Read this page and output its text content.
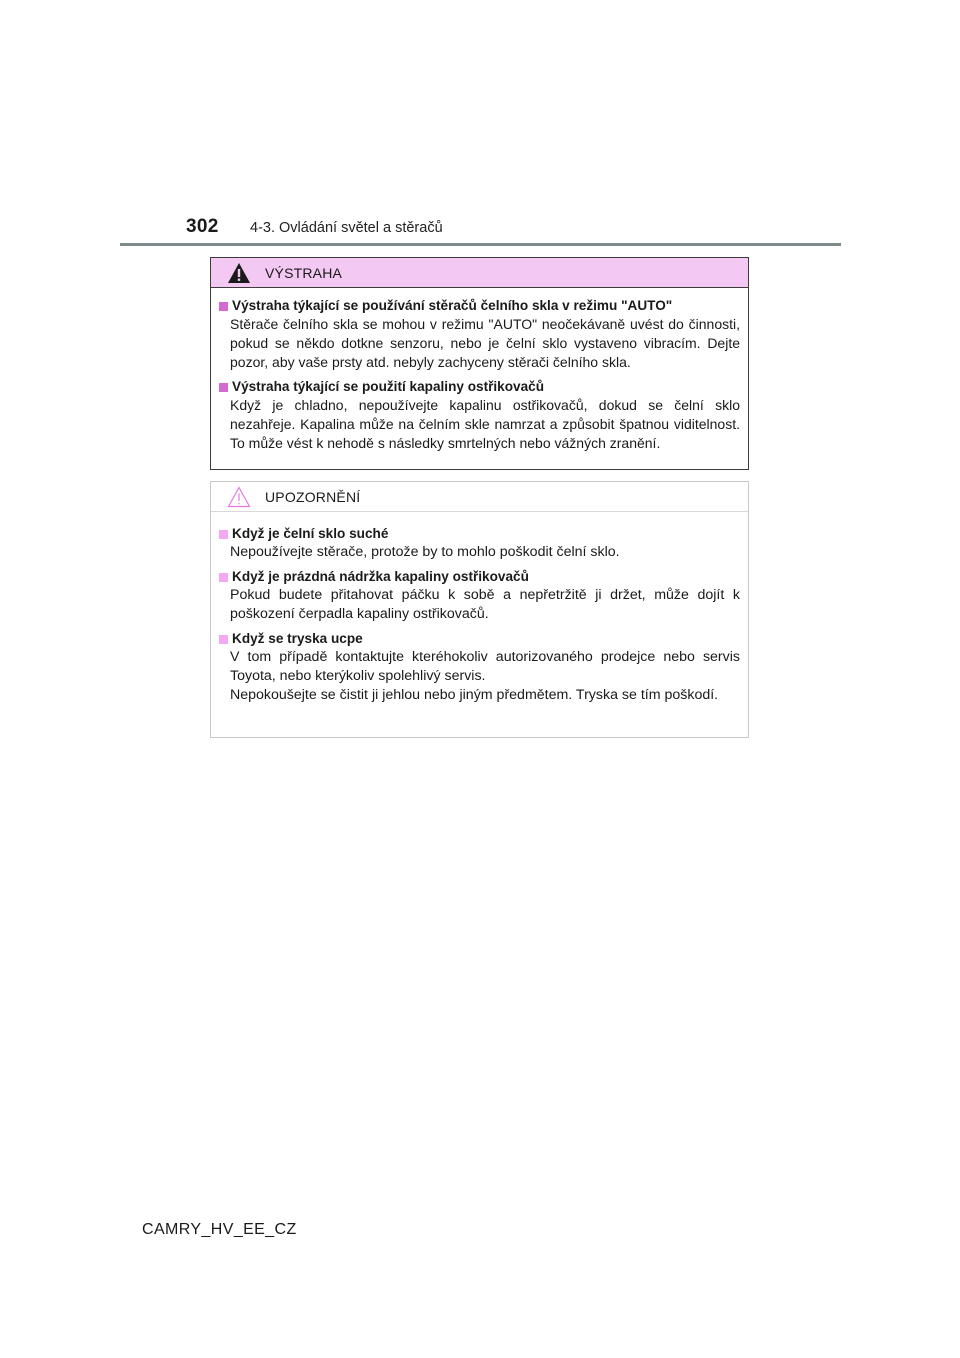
302 4-3. Ovládání světel a stěračů
VÝSTRAHA
Výstraha týkající se používání stěračů čelního skla v režimu "AUTO"
Stěrače čelního skla se mohou v režimu "AUTO" neočekávaně uvést do činnosti, pokud se někdo dotkne senzoru, nebo je čelní sklo vystaveno vibracím. Dejte pozor, aby vaše prsty atd. nebyly zachyceny stěrači čelního skla.
Výstraha týkající se použití kapaliny ostřikovačů
Když je chladno, nepoužívejte kapalinu ostřikovačů, dokud se čelní sklo nezahřeje. Kapalina může na čelním skle namrzat a způsobit špatnou viditelnost. To může vést k nehodě s následky smrtelných nebo vážných zranění.
UPOZORNĚNÍ
Když je čelní sklo suché
Nepoužívejte stěrače, protože by to mohlo poškodit čelní sklo.
Když je prázdná nádržka kapaliny ostřikovačů
Pokud budete přitahovat páčku k sobě a nepřetržitě ji držet, může dojít k poškození čerpadla kapaliny ostřikovačů.
Když se tryska ucpe
V tom případě kontaktujte kteréhokoliv autorizovaného prodejce nebo servis Toyota, nebo kterýkoliv spolehlivý servis.
Nepokoušejte se čistit ji jehlou nebo jiným předmětem. Tryska se tím poškodí.
CAMRY_HV_EE_CZ
